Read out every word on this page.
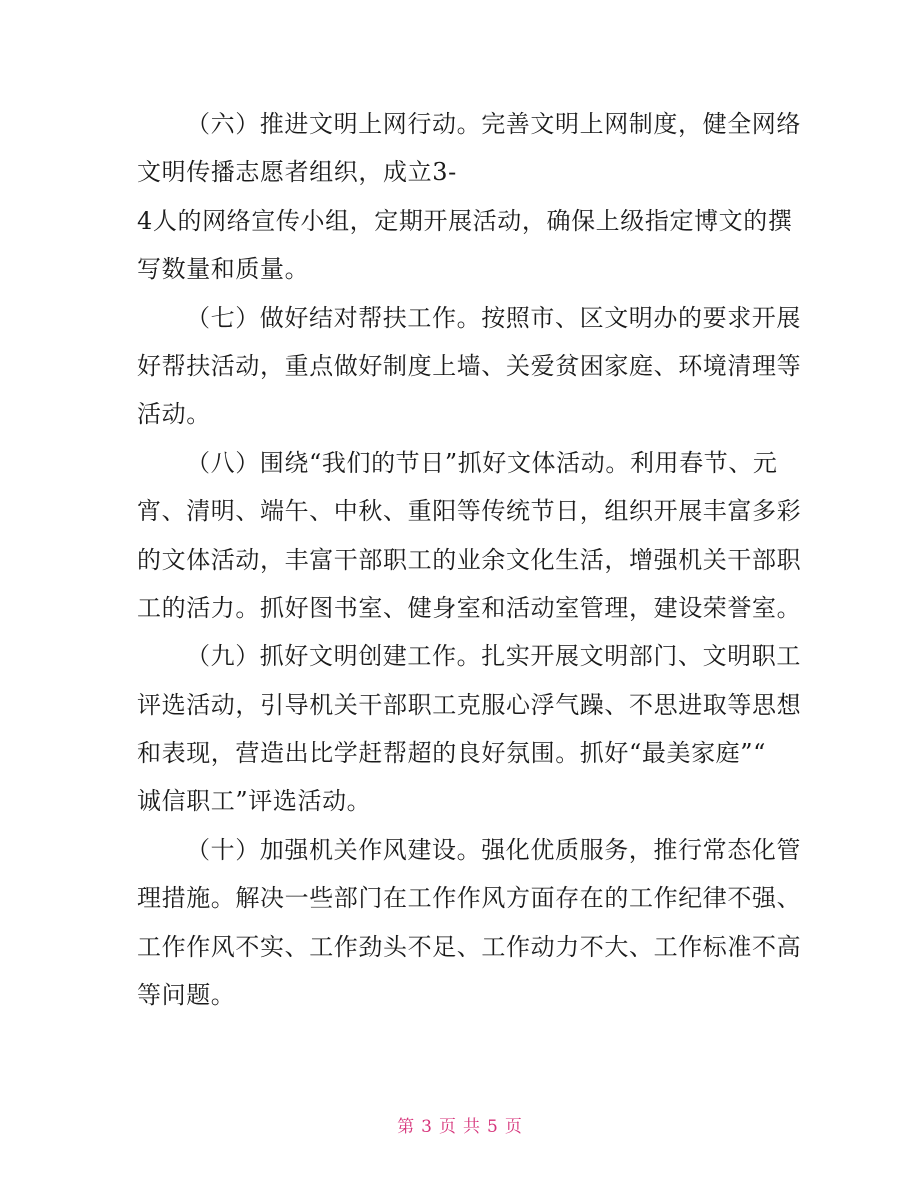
（六）推进文明上网行动。完善文明上网制度，健全网络
文明传播志愿者组织，成立3-
4人的网络宣传小组，定期开展活动，确保上级指定博文的撰
写数量和质量。
（七）做好结对帮扶工作。按照市、区文明办的要求开展
好帮扶活动，重点做好制度上墙、关爱贫困家庭、环境清理等
活动。
（八）围绕“我们的节日”抓好文体活动。利用春节、元
宵、清明、端午、中秋、重阳等传统节日，组织开展丰富多彩
的文体活动，丰富干部职工的业余文化生活，增强机关干部职
工的活力。抓好图书室、健身室和活动室管理，建设荣誉室。
（九）抓好文明创建工作。扎实开展文明部门、文明职工
评选活动，引导机关干部职工克服心浮气躁、不思进取等思想
和表现，营造出比学赶帮超的良好氛围。抓好“最美家庭”“
诚信职工”评选活动。
（十）加强机关作风建设。强化优质服务，推行常态化管
理措施。解决一些部门在工作作风方面存在的工作纪律不强、
工作作风不实、工作劲头不足、工作动力不大、工作标准不高
等问题。
第 3 页 共 5 页
